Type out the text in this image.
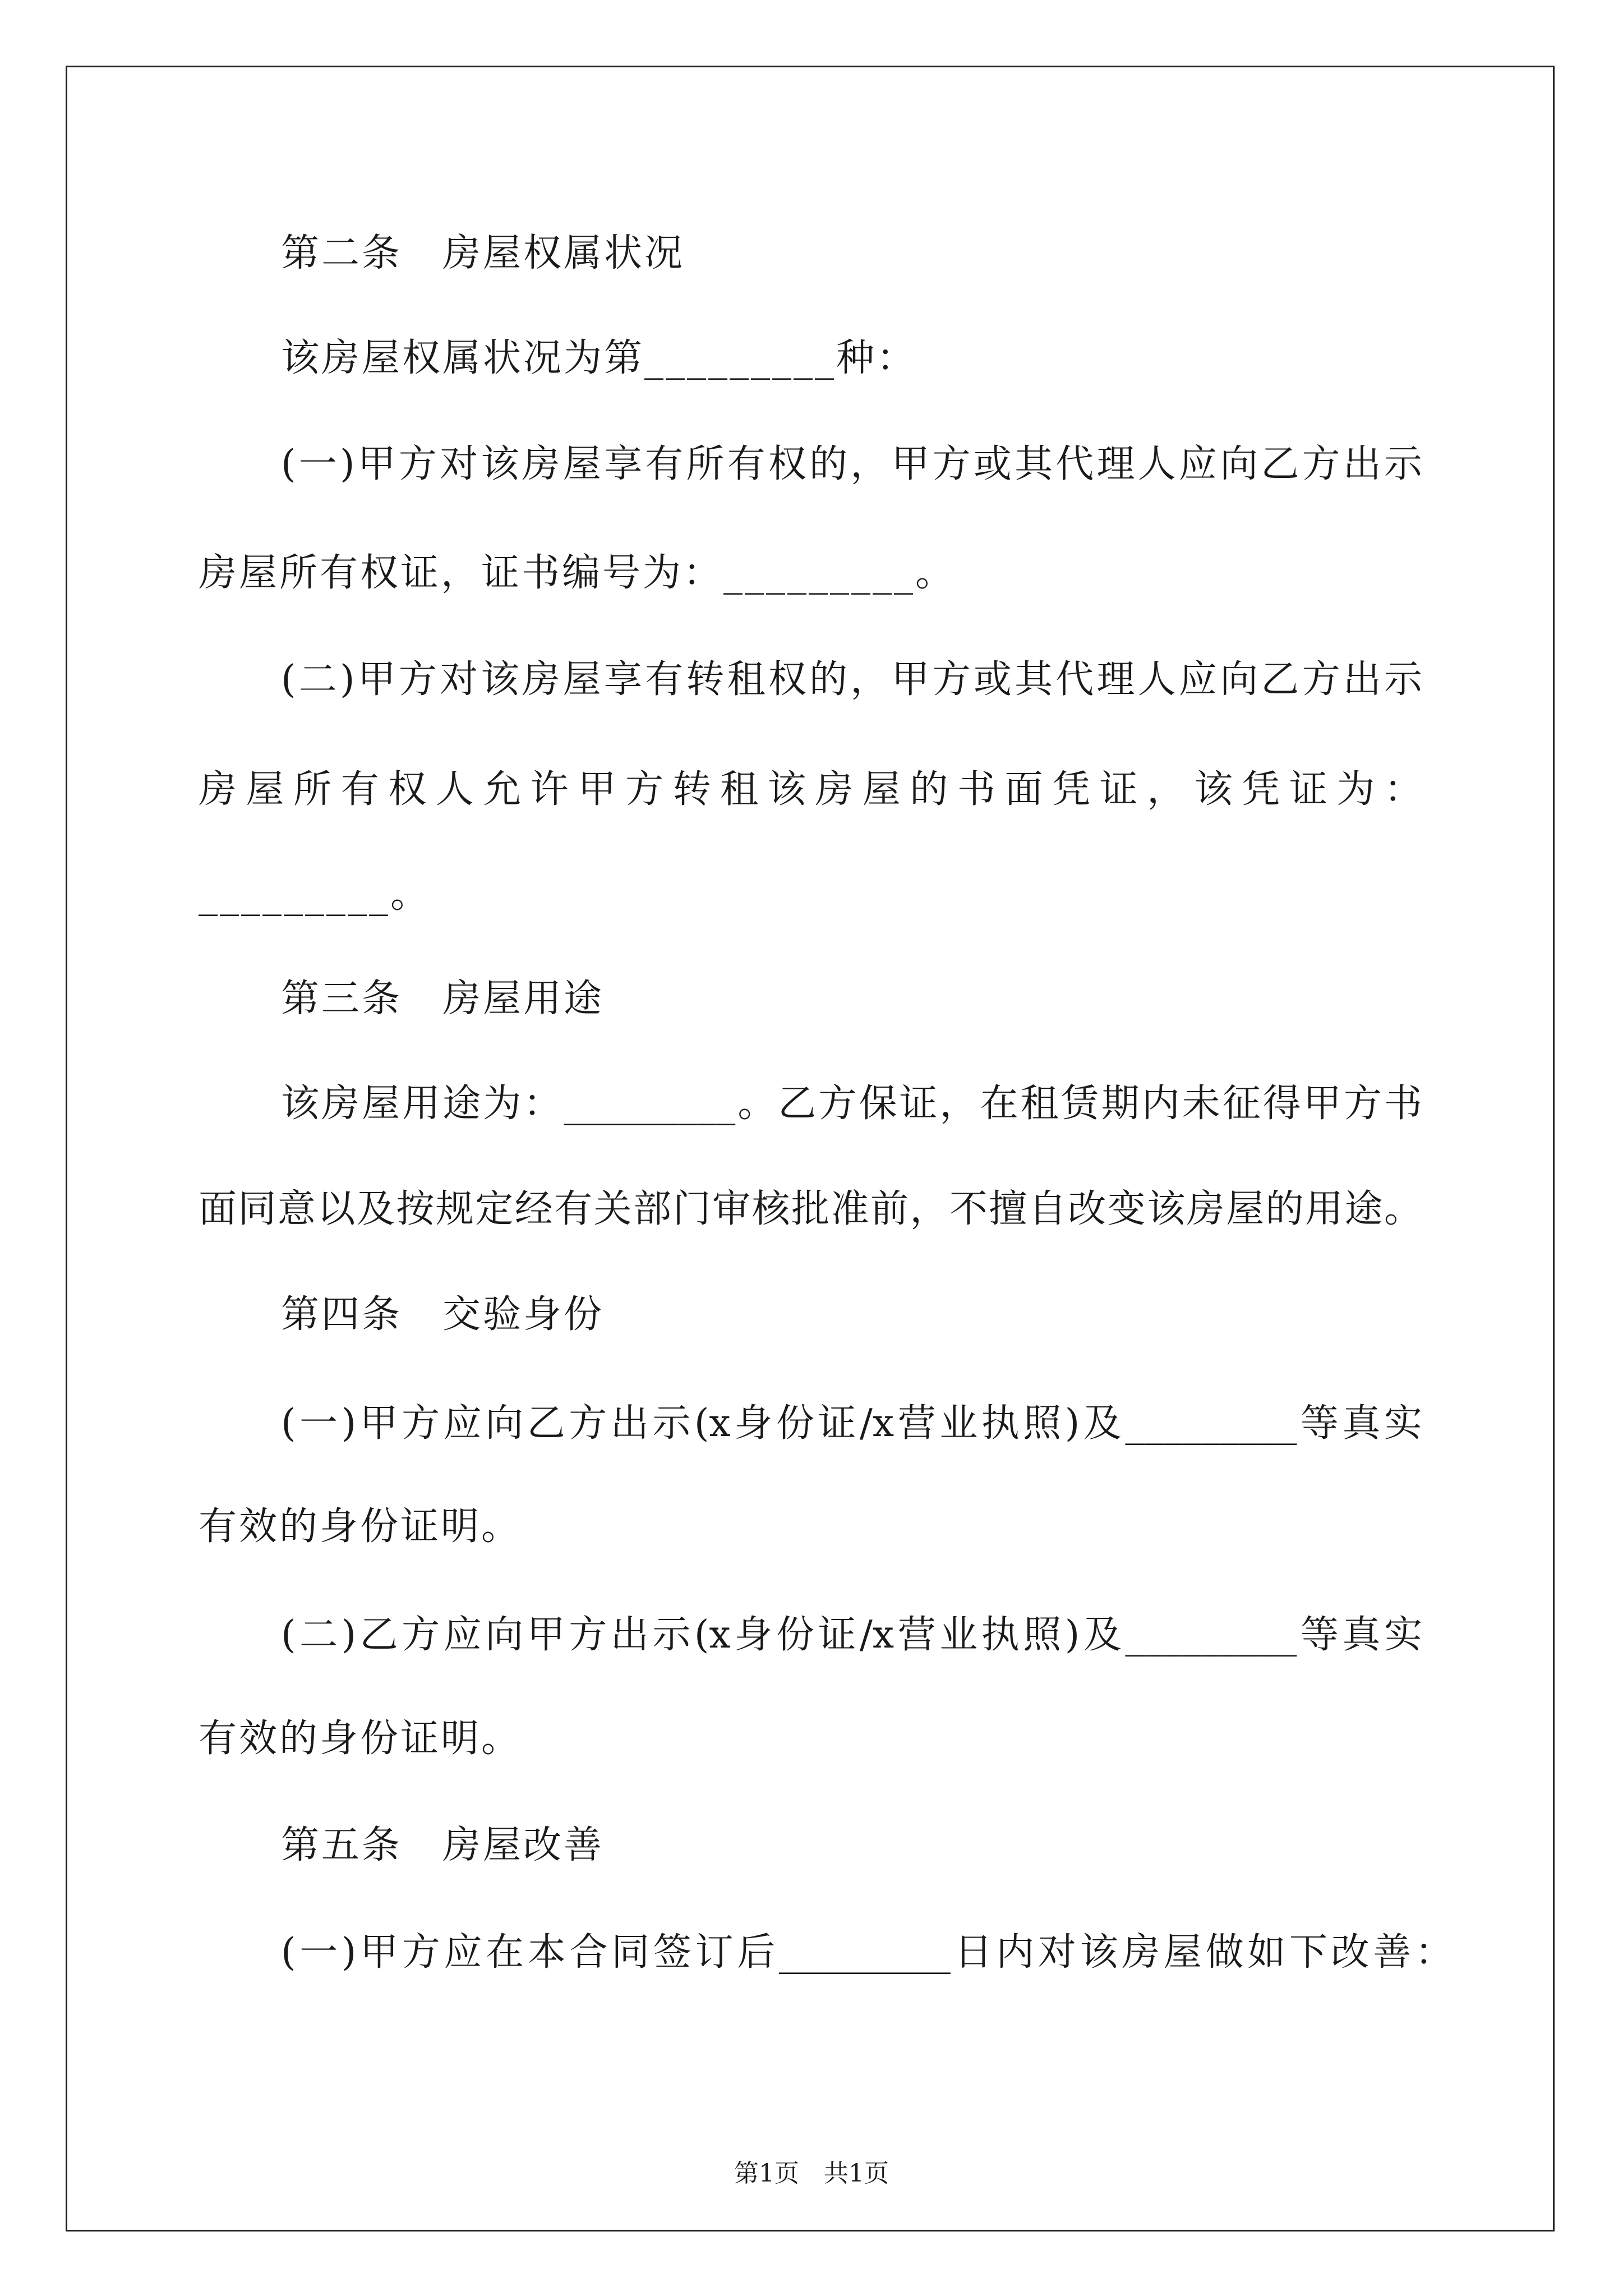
第二条　房屋权属状况
该房屋权属状况为第_________种：
(一)甲方对该房屋享有所有权的，甲方或其代理人应向乙方出示
房屋所有权证，证书编号为：_________。
(二)甲方对该房屋享有转租权的，甲方或其代理人应向乙方出示
房屋所有权人允许甲方转租该房屋的书面凭证，该凭证为：
_________。
第三条　房屋用途
该房屋用途为：_________。乙方保证，在租赁期内未征得甲方书
面同意以及按规定经有关部门审核批准前，不擅自改变该房屋的用途。
第四条　交验身份
(一)甲方应向乙方出示(x身份证/x营业执照)及_________等真实
有效的身份证明。
(二)乙方应向甲方出示(x身份证/x营业执照)及_________等真实
有效的身份证明。
第五条　房屋改善
(一)甲方应在本合同签订后_________日内对该房屋做如下改善：
第1页　共1页
